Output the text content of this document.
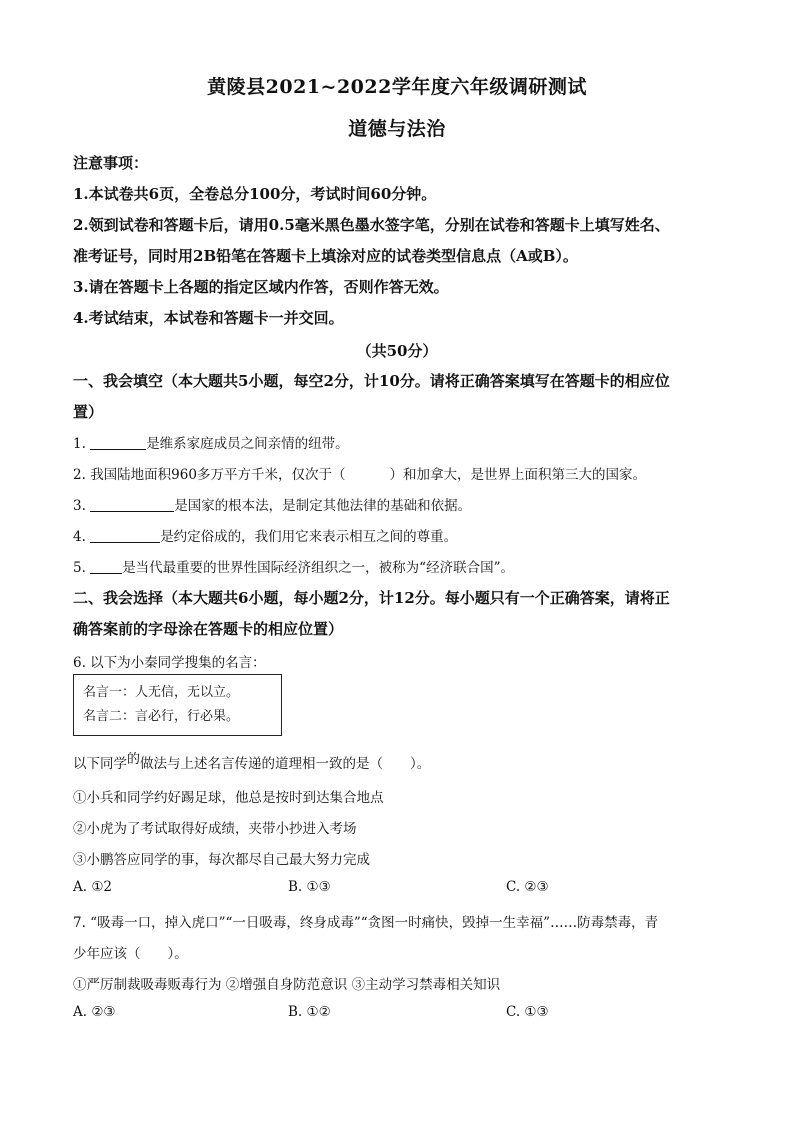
黄陵县2021~2022学年度六年级调研测试
道德与法治
注意事项：
1.本试卷共6页，全卷总分100分，考试时间60分钟。
2.领到试卷和答题卡后，请用0.5毫米黑色墨水签字笔，分别在试卷和答题卡上填写姓名、
准考证号，同时用2B铅笔在答题卡上填涂对应的试卷类型信息点（A或B）。
3.请在答题卡上各题的指定区域内作答，否则作答无效。
4.考试结束，本试卷和答题卡一并交回。
（共50分）
一、我会填空（本大题共5小题，每空2分，计10分。请将正确答案填写在答题卡的相应位
置）
1.	是维系家庭成员之间亲情的纽带。
2. 我国陆地面积960多万平方千米，仅次于（	）和加拿大，是世界上面积第三大的国家。
3.	是国家的根本法，是制定其他法律的基础和依据。
4.	是约定俗成的，我们用它来表示相互之间的尊重。
5.	是当代最重要的世界性国际经济组织之一，被称为“经济联合国”。
二、我会选择（本大题共6小题，每小题2分，计12分。每小题只有一个正确答案，请将正
确答案前的字母涂在答题卡的相应位置）
6. 以下为小秦同学搜集的名言：
名言一：人无信，无以立。
名言二：言必行，行必果。
以下同学的做法与上述名言传递的道理相一致的是（　　）。
①小兵和同学约好踢足球，他总是按时到达集合地点
②小虎为了考试取得好成绩，夹带小抄进入考场
③小鹏答应同学的事，每次都尽自己最大努力完成
A. ①2	B. ①③	C. ②③
7. “吸毒一口，掉入虎口”“一日吸毒，终身成毒”“贪图一时痛快，毁掉一生幸福”……防毒禁毒，青
少年应该（　　）。
①严厉制裁吸毒贩毒行为 ②增强自身防范意识 ③主动学习禁毒相关知识
A. ②③	B. ①②	C. ①③
